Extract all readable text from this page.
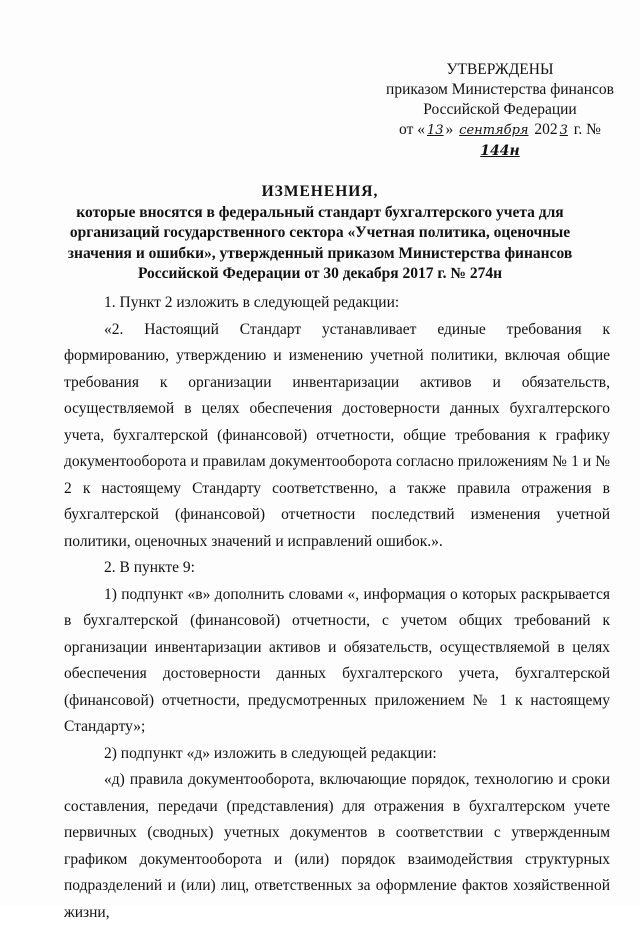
УТВЕРЖДЕНЫ
приказом Министерства финансов
Российской Федерации
от « 13 » сентября 202 3 г. № 144н
ИЗМЕНЕНИЯ,
которые вносятся в федеральный стандарт бухгалтерского учета для организаций государственного сектора «Учетная политика, оценочные значения и ошибки», утвержденный приказом Министерства финансов Российской Федерации от 30 декабря 2017 г. № 274н

1. Пункт 2 изложить в следующей редакции:

«2. Настоящий Стандарт устанавливает единые требования к формированию, утверждению и изменению учетной политики, включая общие требования к организации инвентаризации активов и обязательств, осуществляемой в целях обеспечения достоверности данных бухгалтерского учета, бухгалтерской (финансовой) отчетности, общие требования к графику документооборота и правилам документооборота согласно приложениям № 1 и № 2 к настоящему Стандарту соответственно, а также правила отражения в бухгалтерской (финансовой) отчетности последствий изменения учетной политики, оценочных значений и исправлений ошибок.».

2. В пункте 9:

1) подпункт «в» дополнить словами «, информация о которых раскрывается в бухгалтерской (финансовой) отчетности, с учетом общих требований к организации инвентаризации активов и обязательств, осуществляемой в целях обеспечения достоверности данных бухгалтерского учета, бухгалтерской (финансовой) отчетности, предусмотренных приложением № 1 к настоящему Стандарту»;

2) подпункт «д» изложить в следующей редакции:

«д) правила документооборота, включающие порядок, технологию и сроки составления, передачи (представления) для отражения в бухгалтерском учете первичных (сводных) учетных документов в соответствии с утвержденным графиком документооборота и (или) порядок взаимодействия структурных подразделений и (или) лиц, ответственных за оформление фактов хозяйственной жизни,
